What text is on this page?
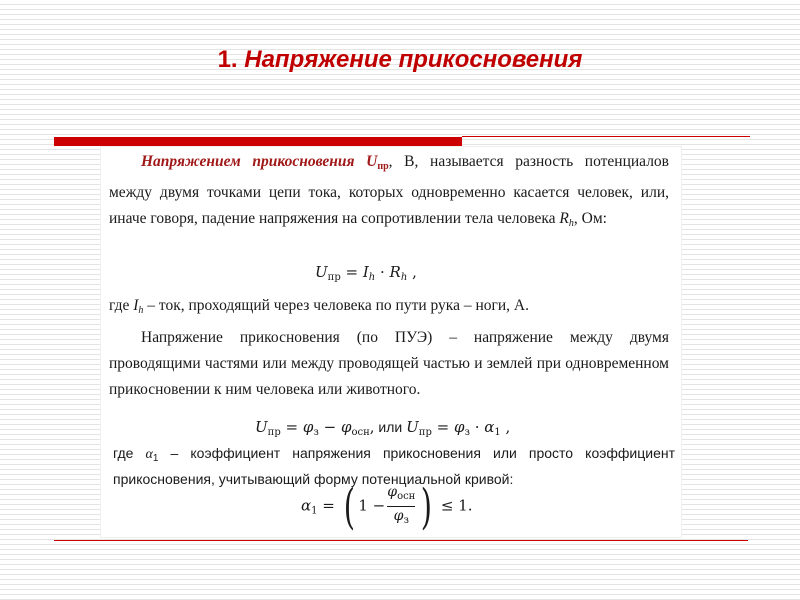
1. Напряжение прикосновения
Напряжением прикосновения $U_{пр}$, В, называется разность потенциалов между двумя точками цепи тока, которых одновременно касается человек, или, иначе говоря, падение напряжения на сопротивлении тела человека Rh, Ом:
$U_{пр} = I_h \cdot R_h$ ,
где Ih – ток, проходящий через человека по пути рука – ноги, А.
Напряжение прикосновения (по ПУЭ) – напряжение между двумя проводящими частями или между проводящей частью и землей при одновременном прикосновении к ним человека или животного.
$U_{пр} = \varphi_з - \varphi_{осн}$, или $U_{пр} = \varphi_з \cdot \alpha_1$ ,
где $\alpha_1$ – коэффициент напряжения прикосновения или просто коэффициент прикосновения, учитывающий форму потенциальной кривой:
$\alpha_1$ = ( $1 - \frac{\varphi_{осн}}{\varphi_з}$ ) ≤ 1.
